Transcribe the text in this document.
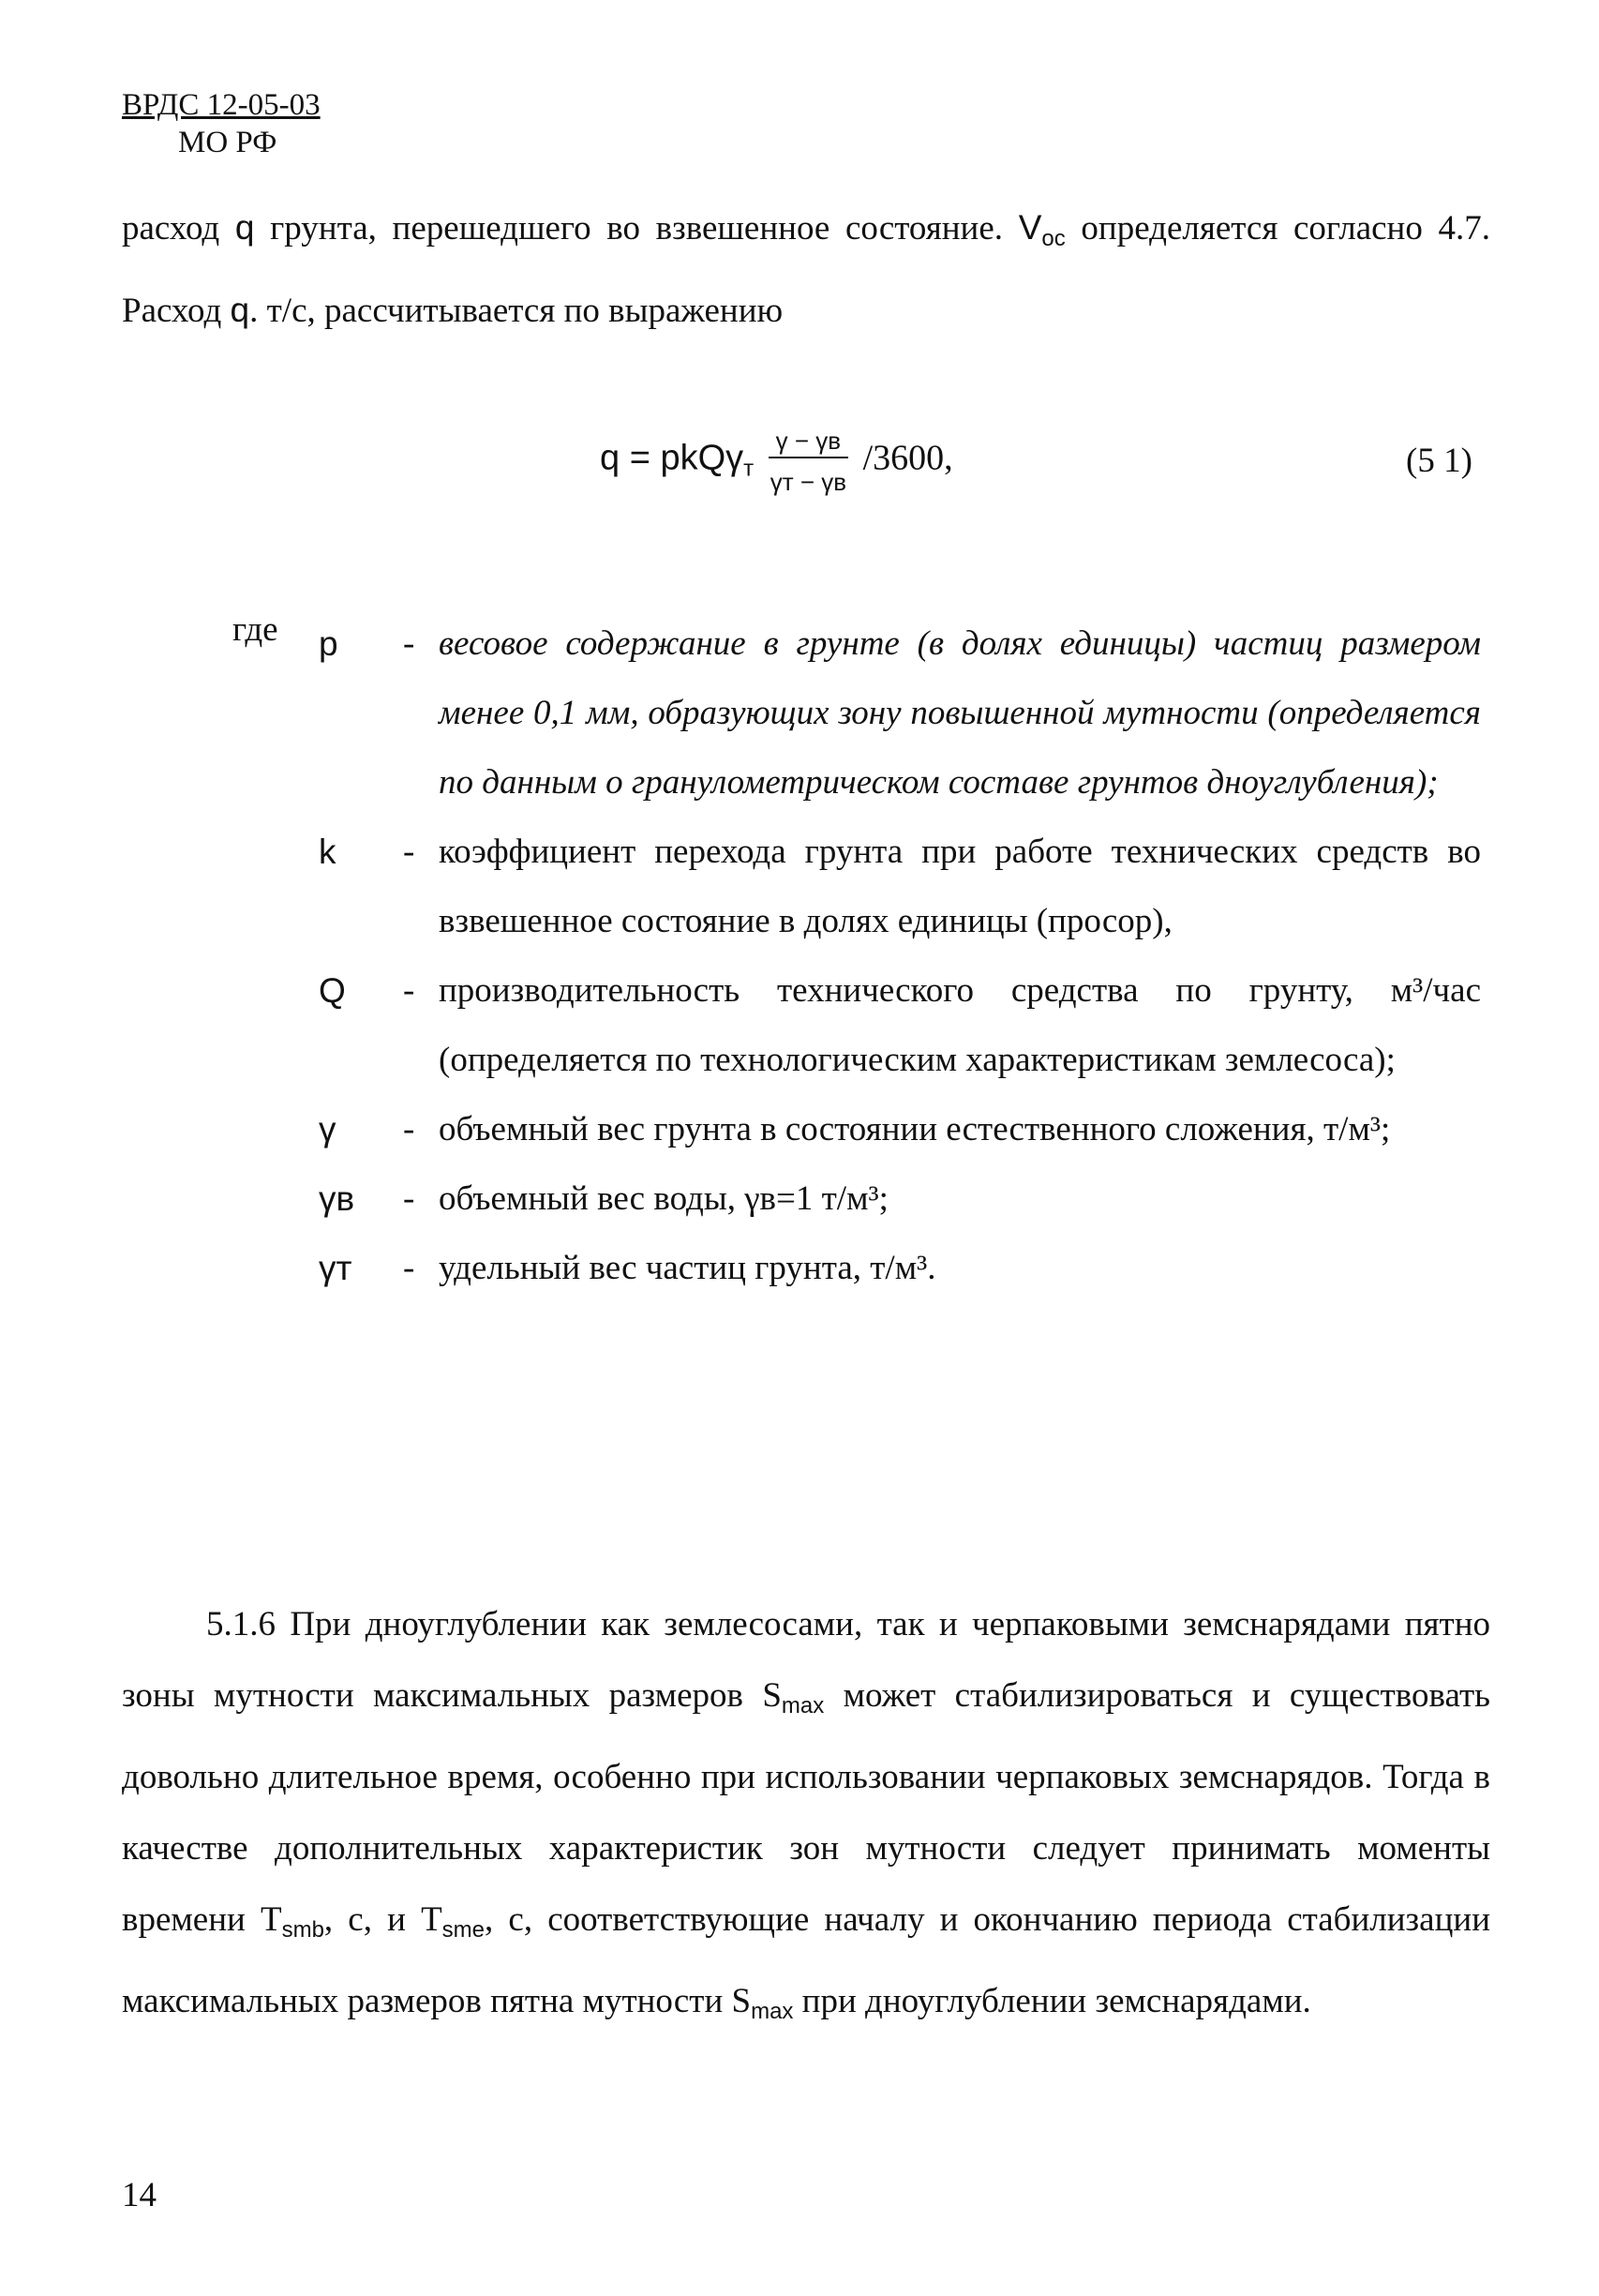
ВРДС 12-05-03
МО РФ

расход q грунта, перешедшего во взвешенное состояние. $V_{ос}$ определяется согласно 4.7. Расход q. т/с, рассчитывается по выражению

$q = pkQ\gamma_т \frac{\gamma - \gamma в}{\gamma т - \gamma в} /3600$,	(5 1)
где p	- весовое содержание в грунте (в долях единицы) частиц размером менее 0,1 мм, образующих зону повышенной мутности (определяется по данным о гранулометрическом составе грунтов дноуглубления);
k	- коэффициент перехода грунта при работе технических средств во взвешенное состояние в долях единицы (просор),
Q	- производительность технического средства по грунту, м³/час (определяется по технологическим характеристикам землесоса);
γ	- объемный вес грунта в состоянии естественного сложения, т/м³;
γв	- объемный вес воды, γв=1 т/м³;
γт	- удельный вес частиц грунта, т/м³.

5.1.6 При дноуглублении как землесосами, так и черпаковыми земснарядами пятно зоны мутности максимальных размеров $S_{max}$ может стабилизироваться и существовать довольно длительное время, особенно при использовании черпаковых земснарядов. Тогда в качестве дополнительных характеристик зон мутности следует принимать моменты времени $T_{smb}$, с, и $T_{sme}$, с, соответствующие началу и окончанию периода стабилизации максимальных размеров пятна мутности $S_{max}$ при дноуглублении земснарядами.

14
